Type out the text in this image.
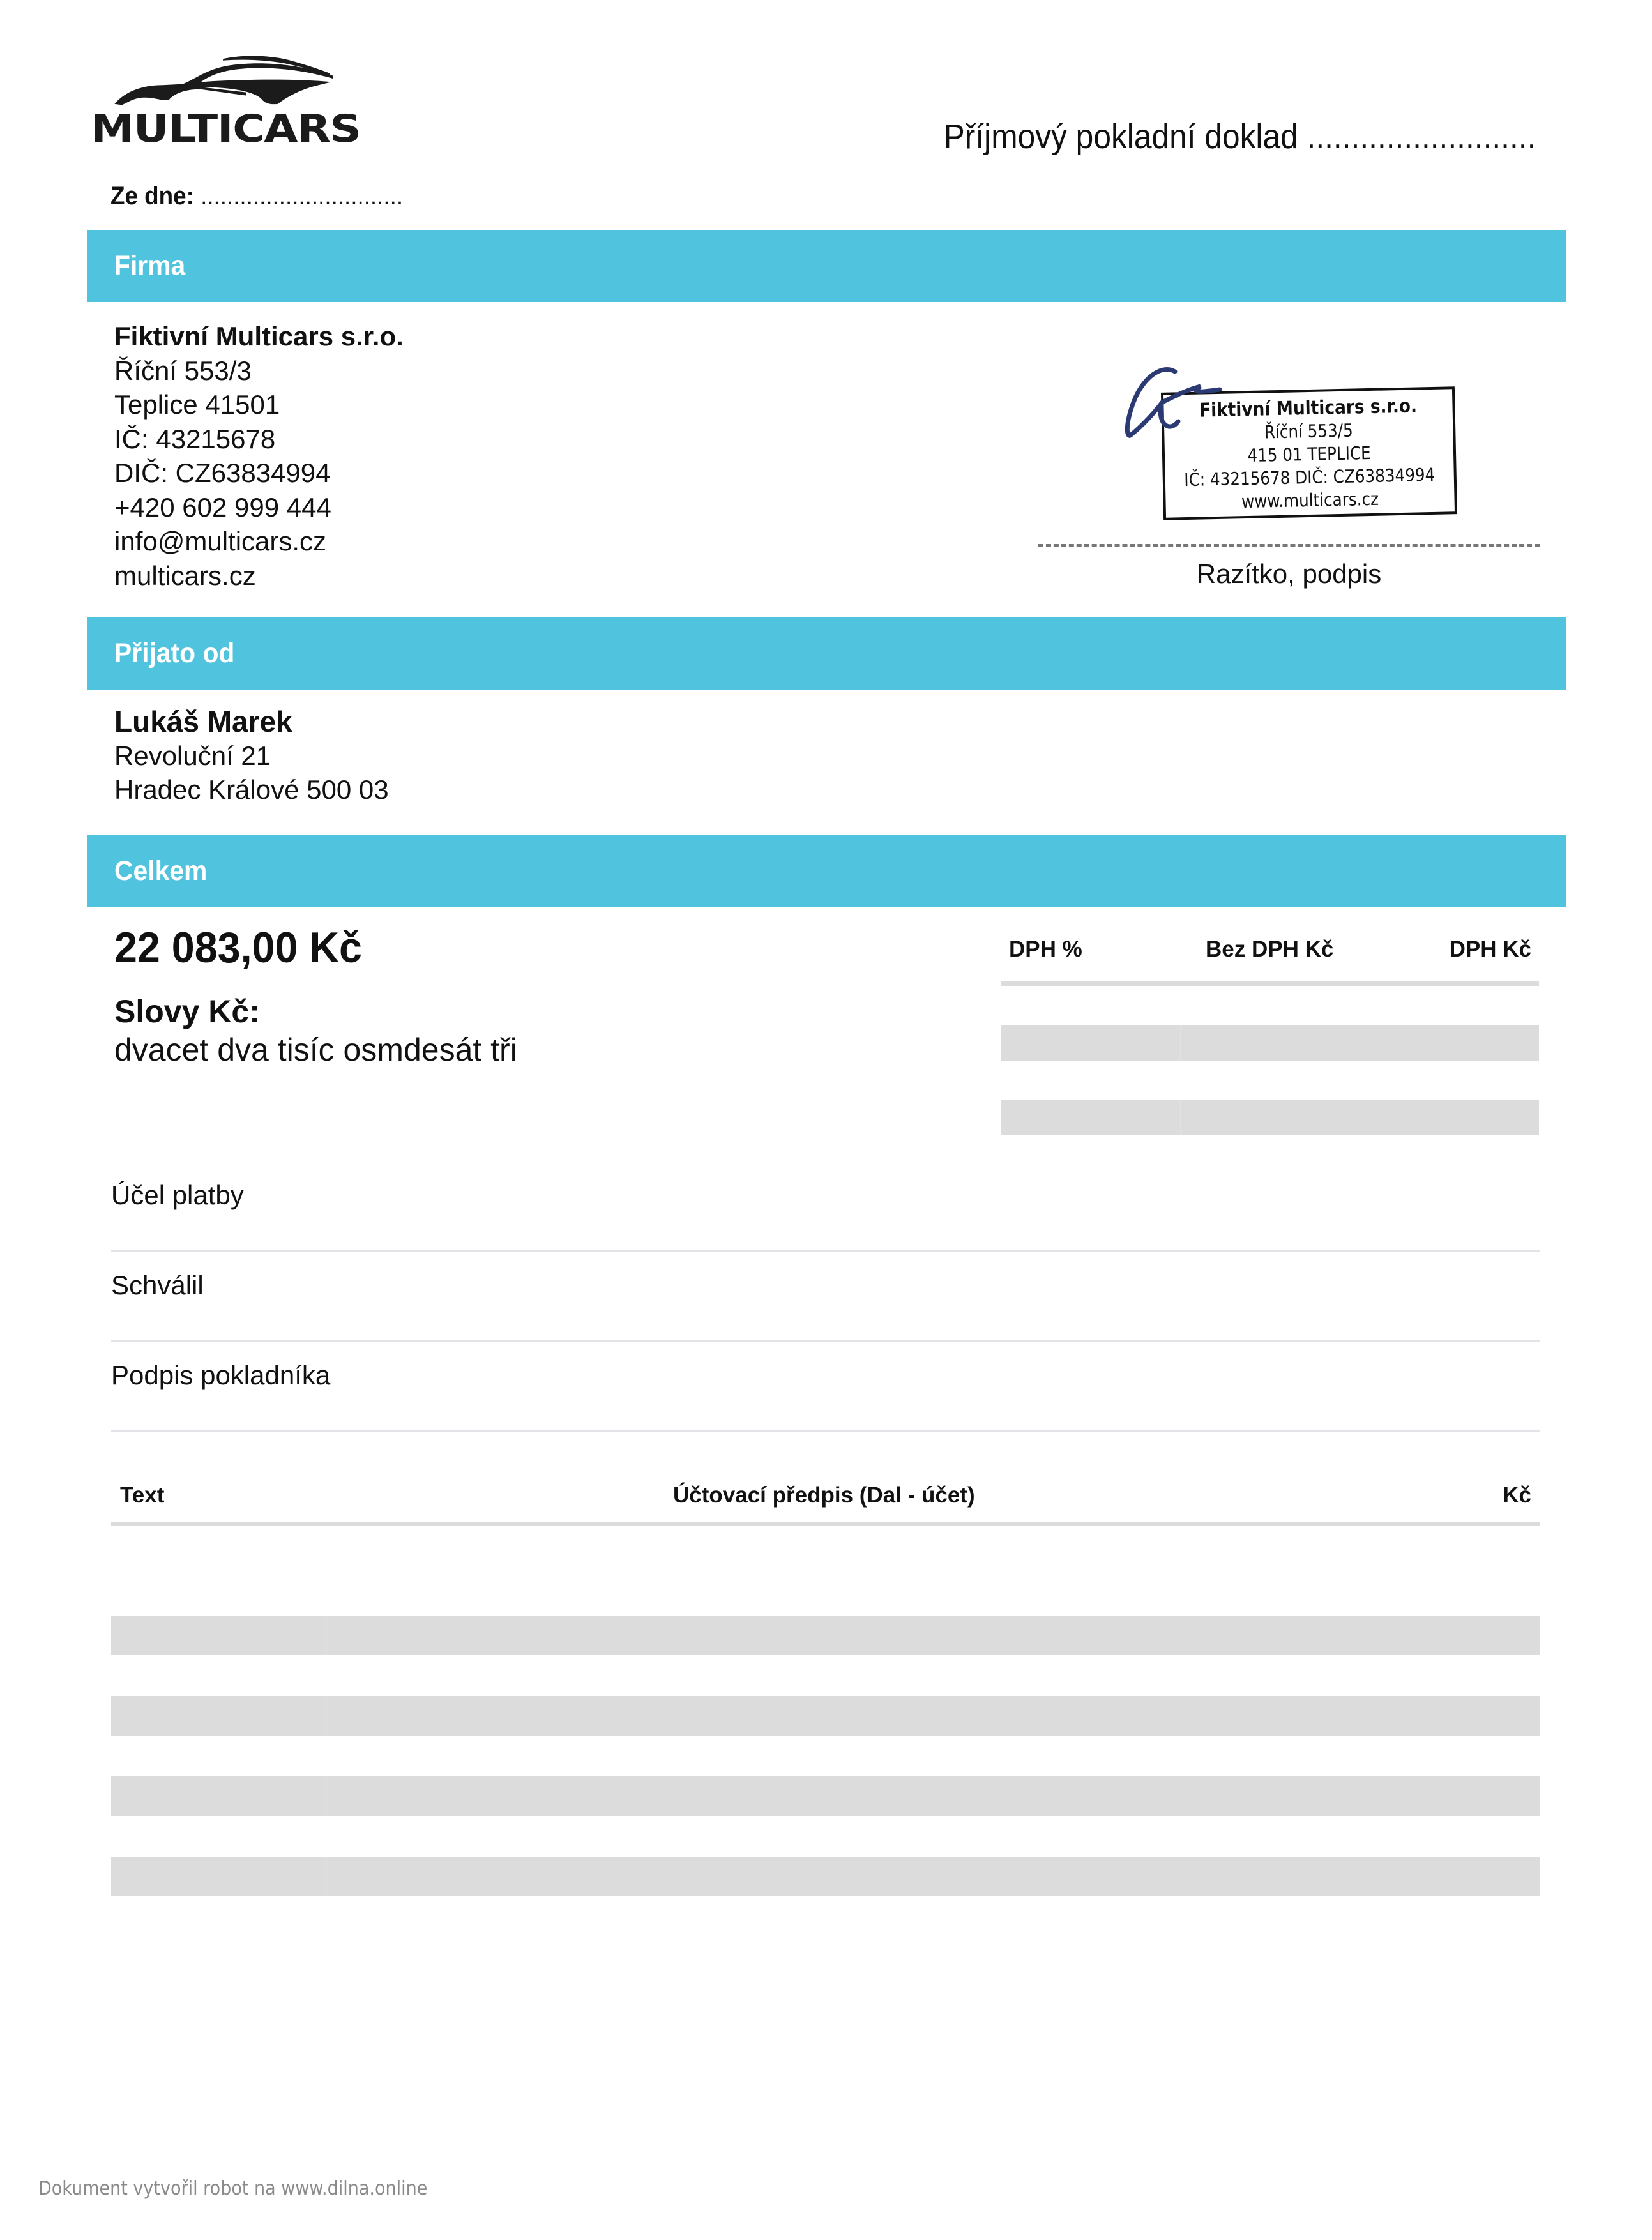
MULTICARS	Příjmový pokladní doklad ..........................
Ze dne: ...............................
Firma
Fiktivní Multicars s.r.o.
Říční 553/3
Teplice 41501
IČ: 43215678
DIČ: CZ63834994
+420 602 999 444
info@multicars.cz
multicars.cz
Fiktivní Multicars s.r.o.
Říční 553/5
415 01 TEPLICE
IČ: 43215678 DIČ: CZ63834994
www.multicars.cz
Razítko, podpis
Přijato od
Lukáš Marek
Revoluční 21
Hradec Králové 500 03
Celkem
22 083,00 Kč
Slovy Kč:
dvacet dva tisíc osmdesát tři
DPH %	Bez DPH Kč	DPH Kč
Účel platby
Schválil
Podpis pokladníka
Text	Účtovací předpis (Dal - účet)	Kč
Dokument vytvořil robot na www.dilna.online
